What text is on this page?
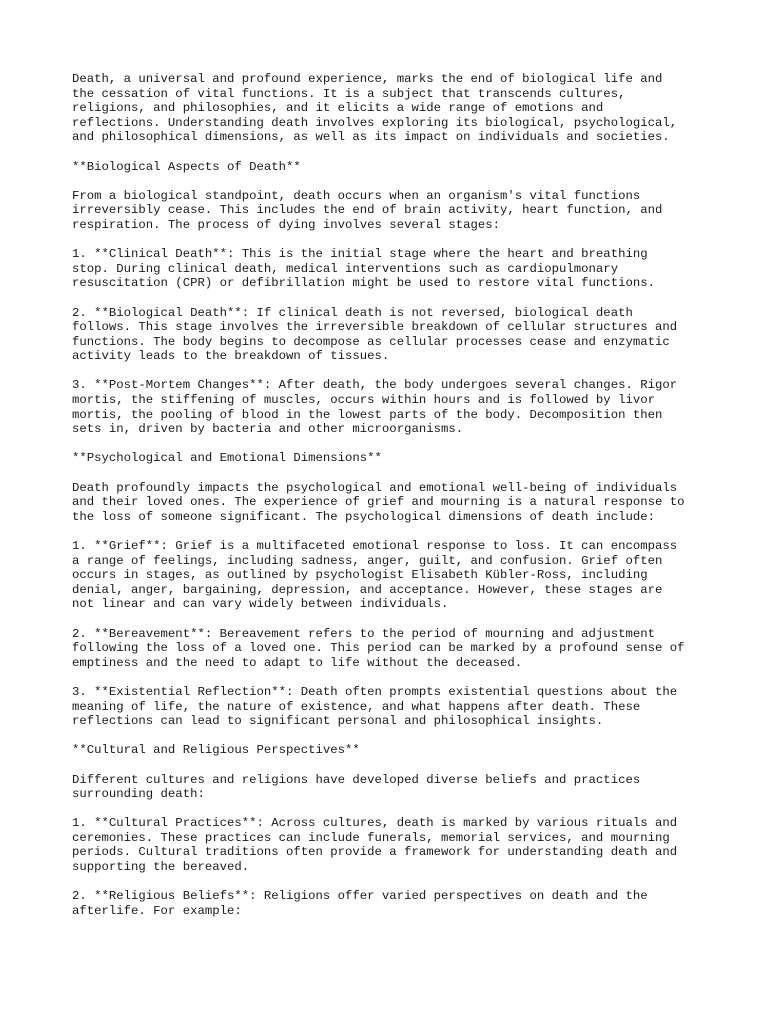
Death, a universal and profound experience, marks the end of biological life and
the cessation of vital functions. It is a subject that transcends cultures,
religions, and philosophies, and it elicits a wide range of emotions and
reflections. Understanding death involves exploring its biological, psychological,
and philosophical dimensions, as well as its impact on individuals and societies.

**Biological Aspects of Death**

From a biological standpoint, death occurs when an organism's vital functions
irreversibly cease. This includes the end of brain activity, heart function, and
respiration. The process of dying involves several stages:

1. **Clinical Death**: This is the initial stage where the heart and breathing
stop. During clinical death, medical interventions such as cardiopulmonary
resuscitation (CPR) or defibrillation might be used to restore vital functions.

2. **Biological Death**: If clinical death is not reversed, biological death
follows. This stage involves the irreversible breakdown of cellular structures and
functions. The body begins to decompose as cellular processes cease and enzymatic
activity leads to the breakdown of tissues.

3. **Post-Mortem Changes**: After death, the body undergoes several changes. Rigor
mortis, the stiffening of muscles, occurs within hours and is followed by livor
mortis, the pooling of blood in the lowest parts of the body. Decomposition then
sets in, driven by bacteria and other microorganisms.

**Psychological and Emotional Dimensions**

Death profoundly impacts the psychological and emotional well-being of individuals
and their loved ones. The experience of grief and mourning is a natural response to
the loss of someone significant. The psychological dimensions of death include:

1. **Grief**: Grief is a multifaceted emotional response to loss. It can encompass
a range of feelings, including sadness, anger, guilt, and confusion. Grief often
occurs in stages, as outlined by psychologist Elisabeth Kübler-Ross, including
denial, anger, bargaining, depression, and acceptance. However, these stages are
not linear and can vary widely between individuals.

2. **Bereavement**: Bereavement refers to the period of mourning and adjustment
following the loss of a loved one. This period can be marked by a profound sense of
emptiness and the need to adapt to life without the deceased.

3. **Existential Reflection**: Death often prompts existential questions about the
meaning of life, the nature of existence, and what happens after death. These
reflections can lead to significant personal and philosophical insights.

**Cultural and Religious Perspectives**

Different cultures and religions have developed diverse beliefs and practices
surrounding death:

1. **Cultural Practices**: Across cultures, death is marked by various rituals and
ceremonies. These practices can include funerals, memorial services, and mourning
periods. Cultural traditions often provide a framework for understanding death and
supporting the bereaved.

2. **Religious Beliefs**: Religions offer varied perspectives on death and the
afterlife. For example:
